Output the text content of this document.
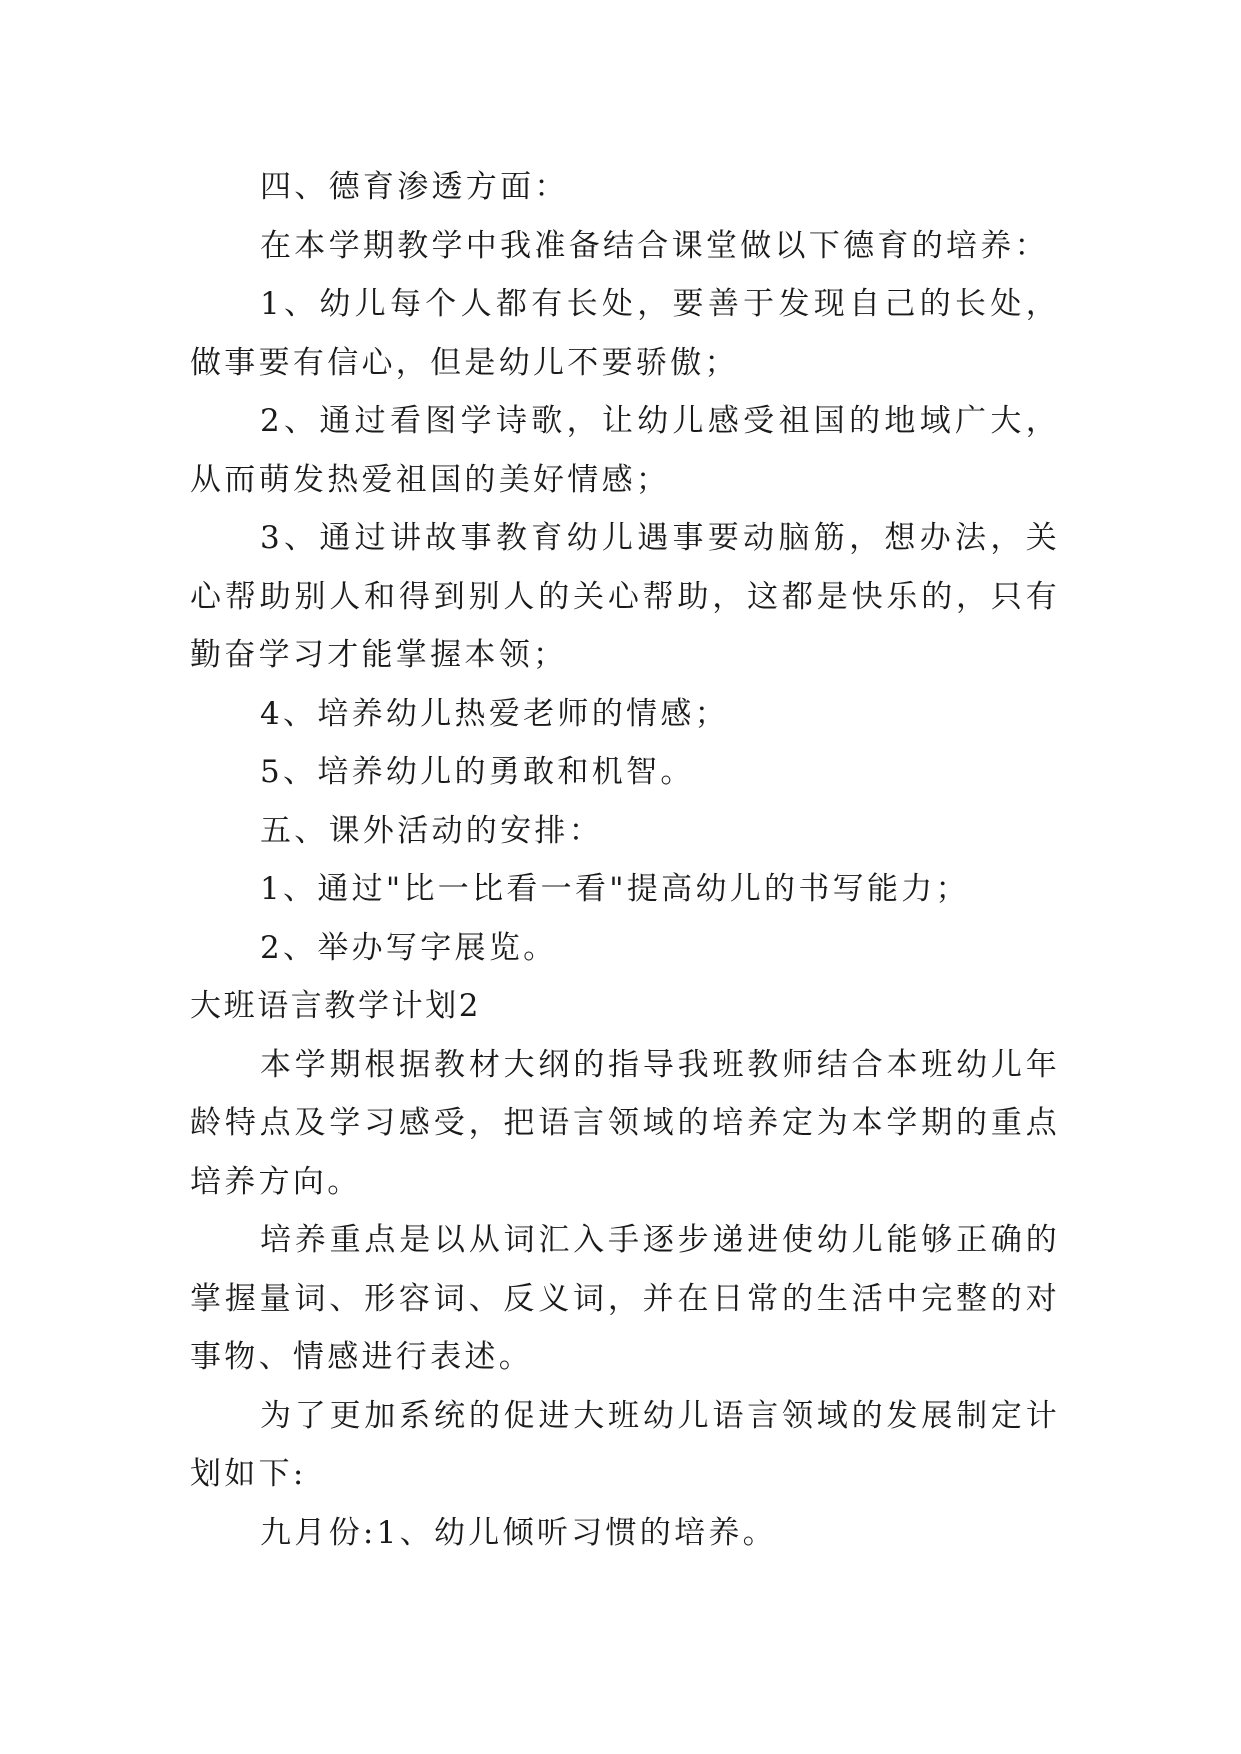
四、德育渗透方面：

在本学期教学中我准备结合课堂做以下德育的培养：

1、幼儿每个人都有长处，要善于发现自己的长处，做事要有信心，但是幼儿不要骄傲；

2、通过看图学诗歌，让幼儿感受祖国的地域广大，从而萌发热爱祖国的美好情感；

3、通过讲故事教育幼儿遇事要动脑筋，想办法，关心帮助别人和得到别人的关心帮助，这都是快乐的，只有勤奋学习才能掌握本领；

4、培养幼儿热爱老师的情感；

5、培养幼儿的勇敢和机智。

五、课外活动的安排：

1、通过"比一比看一看"提高幼儿的书写能力；

2、举办写字展览。

大班语言教学计划2

本学期根据教材大纲的指导我班教师结合本班幼儿年龄特点及学习感受，把语言领域的培养定为本学期的重点培养方向。

培养重点是以从词汇入手逐步递进使幼儿能够正确的掌握量词、形容词、反义词，并在日常的生活中完整的对事物、情感进行表述。

为了更加系统的促进大班幼儿语言领域的发展制定计划如下:

九月份:1、幼儿倾听习惯的培养。
